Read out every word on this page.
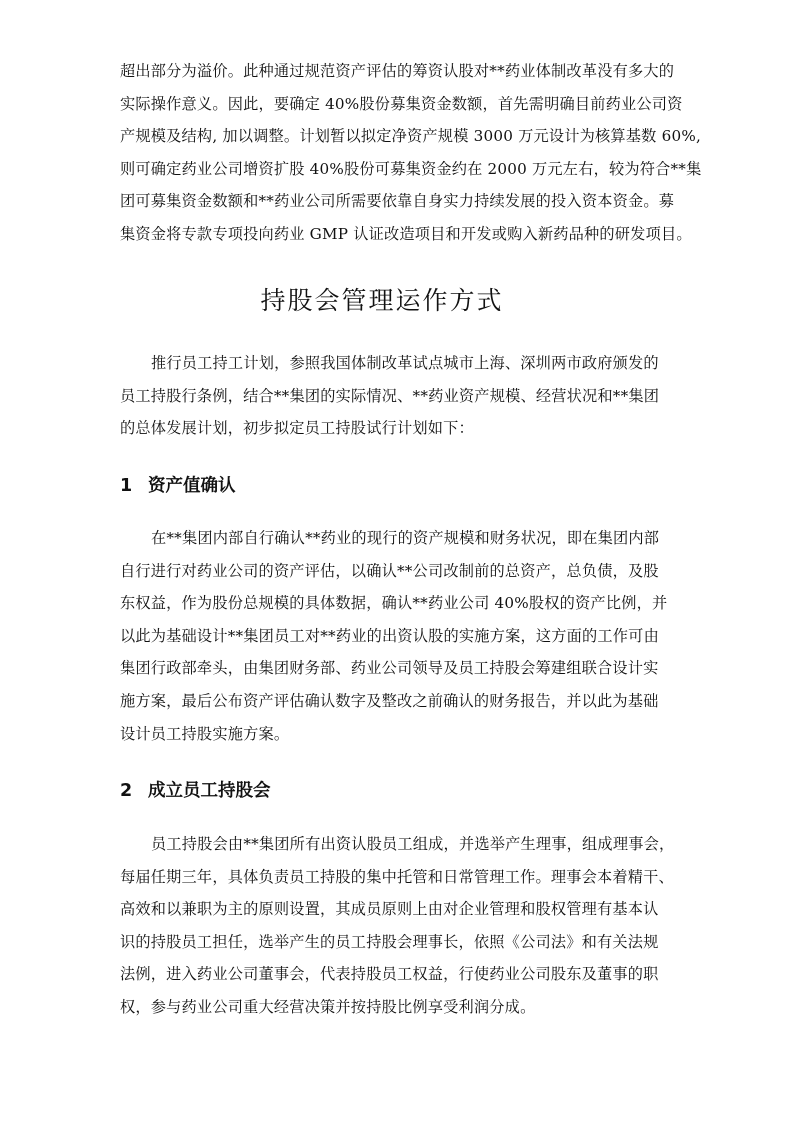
超出部分为溢价。此种通过规范资产评估的筹资认股对**药业体制改革没有多大的
实际操作意义。因此，要确定 40%股份募集资金数额，首先需明确目前药业公司资
产规模及结构, 加以调整。计划暂以拟定净资产规模 3000 万元设计为核算基数 60%,
则可确定药业公司增资扩股 40%股份可募集资金约在 2000 万元左右，较为符合**集
团可募集资金数额和**药业公司所需要依靠自身实力持续发展的投入资本资金。募
集资金将专款专项投向药业 GMP 认证改造项目和开发或购入新药品种的研发项目。

持股会管理运作方式

推行员工持工计划，参照我国体制改革试点城市上海、深圳两市政府颁发的
员工持股行条例，结合**集团的实际情况、**药业资产规模、经营状况和**集团
的总体发展计划，初步拟定员工持股试行计划如下：

1 资产值确认

在**集团内部自行确认**药业的现行的资产规模和财务状况，即在集团内部
自行进行对药业公司的资产评估，以确认**公司改制前的总资产，总负债，及股
东权益，作为股份总规模的具体数据，确认**药业公司 40%股权的资产比例，并
以此为基础设计**集团员工对**药业的出资认股的实施方案，这方面的工作可由
集团行政部牵头，由集团财务部、药业公司领导及员工持股会筹建组联合设计实
施方案，最后公布资产评估确认数字及整改之前确认的财务报告，并以此为基础
设计员工持股实施方案。

2 成立员工持股会

员工持股会由**集团所有出资认股员工组成，并选举产生理事，组成理事会，
每届任期三年，具体负责员工持股的集中托管和日常管理工作。理事会本着精干、
高效和以兼职为主的原则设置，其成员原则上由对企业管理和股权管理有基本认
识的持股员工担任，选举产生的员工持股会理事长，依照《公司法》和有关法规
法例，进入药业公司董事会，代表持股员工权益，行使药业公司股东及董事的职
权，参与药业公司重大经营决策并按持股比例享受利润分成。
